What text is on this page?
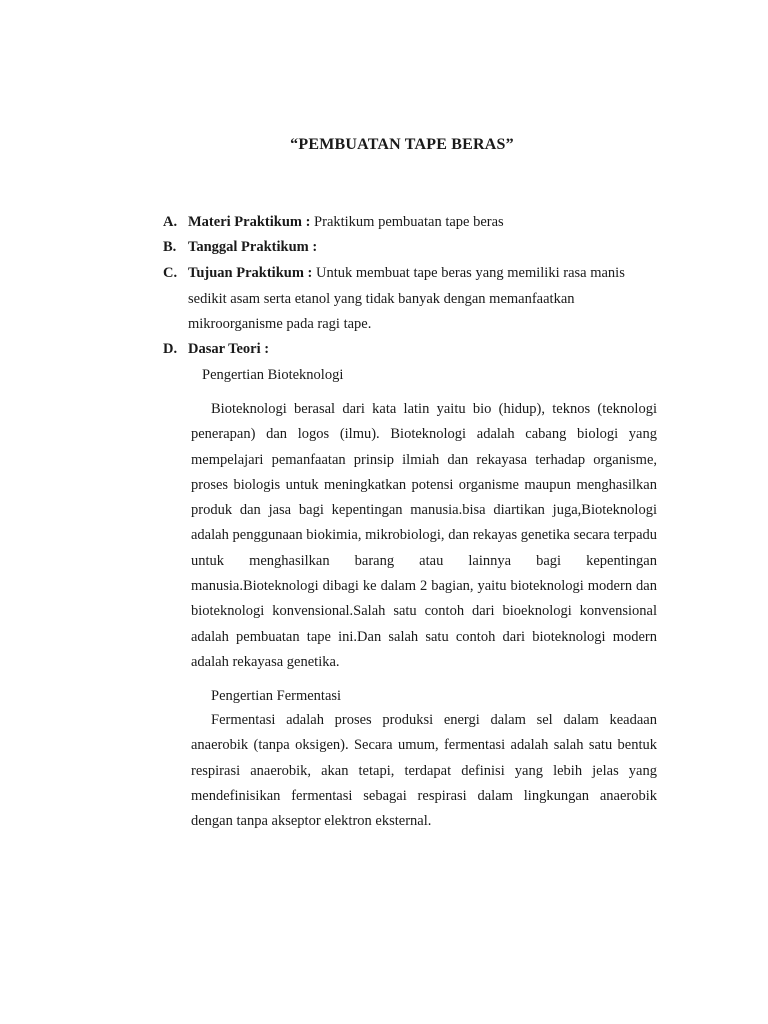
“PEMBUATAN TAPE BERAS”
A. Materi Praktikum : Praktikum pembuatan tape beras
B. Tanggal Praktikum :
C. Tujuan Praktikum : Untuk membuat tape beras yang memiliki rasa manis
sedikit asam serta etanol yang tidak banyak dengan memanfaatkan
mikroorganisme pada ragi tape.
D. Dasar Teori :
Pengertian Bioteknologi

Bioteknologi berasal dari kata latin yaitu bio (hidup), teknos (teknologi penerapan) dan logos (ilmu). Bioteknologi adalah cabang biologi yang mempelajari pemanfaatan prinsip ilmiah dan rekayasa terhadap organisme, proses biologis untuk meningkatkan potensi organisme maupun menghasilkan produk dan jasa bagi kepentingan manusia.bisa diartikan juga,Bioteknologi adalah penggunaan biokimia, mikrobiologi, dan rekayas genetika secara terpadu untuk menghasilkan barang atau lainnya bagi kepentingan manusia.Bioteknologi dibagi ke dalam 2 bagian, yaitu bioteknologi modern dan bioteknologi konvensional.Salah satu contoh dari bioeknologi konvensional adalah pembuatan tape ini.Dan salah satu contoh dari bioteknologi modern adalah rekayasa genetika.

Pengertian Fermentasi

Fermentasi adalah proses produksi energi dalam sel dalam keadaan anaerobik (tanpa oksigen). Secara umum, fermentasi adalah salah satu bentuk respirasi anaerobik, akan tetapi, terdapat definisi yang lebih jelas yang mendefinisikan fermentasi sebagai respirasi dalam lingkungan anaerobik dengan tanpa akseptor elektron eksternal.
